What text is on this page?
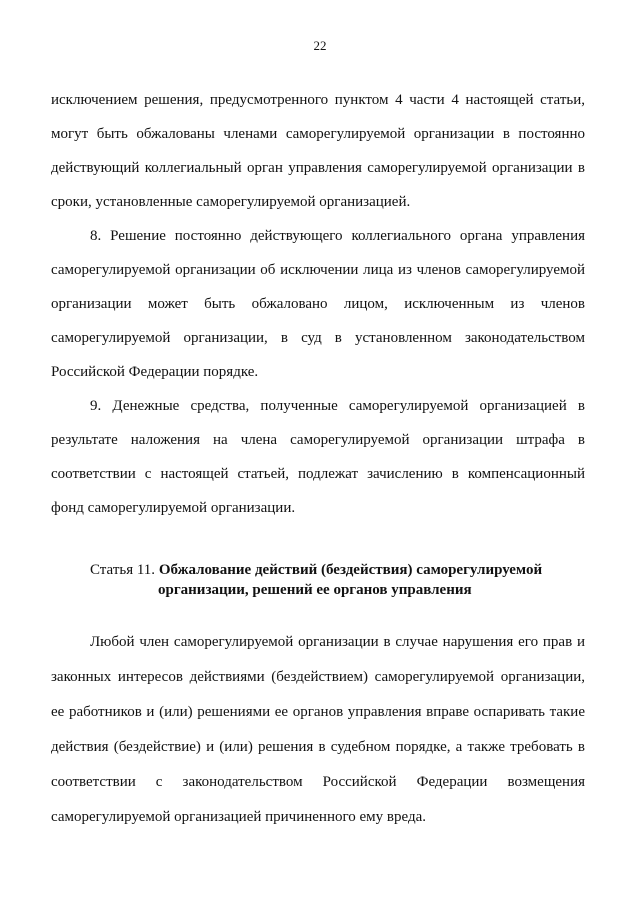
22
исключением решения, предусмотренного пунктом 4 части 4 настоящей статьи,
могут быть обжалованы членами саморегулируемой организации в постоянно
действующий коллегиальный орган управления саморегулируемой организации в
сроки, установленные саморегулируемой организацией.
8. Решение постоянно действующего коллегиального органа управления
саморегулируемой организации об исключении лица из членов саморегулируемой
организации может быть обжаловано лицом, исключенным из членов
саморегулируемой организации, в суд в установленном законодательством
Российской Федерации порядке.
9. Денежные средства, полученные саморегулируемой организацией в
результате наложения на члена саморегулируемой организации штрафа в
соответствии с настоящей статьей, подлежат зачислению в компенсационный
фонд саморегулируемой организации.
Статья 11. Обжалование действий (бездействия) саморегулируемой
организации, решений ее органов управления
Любой член саморегулируемой организации в случае нарушения его прав и
законных интересов действиями (бездействием) саморегулируемой организации,
ее работников и (или) решениями ее органов управления вправе оспаривать такие
действия (бездействие) и (или) решения в судебном порядке, а также требовать в
соответствии с законодательством Российской Федерации возмещения
саморегулируемой организацией причиненного ему вреда.
